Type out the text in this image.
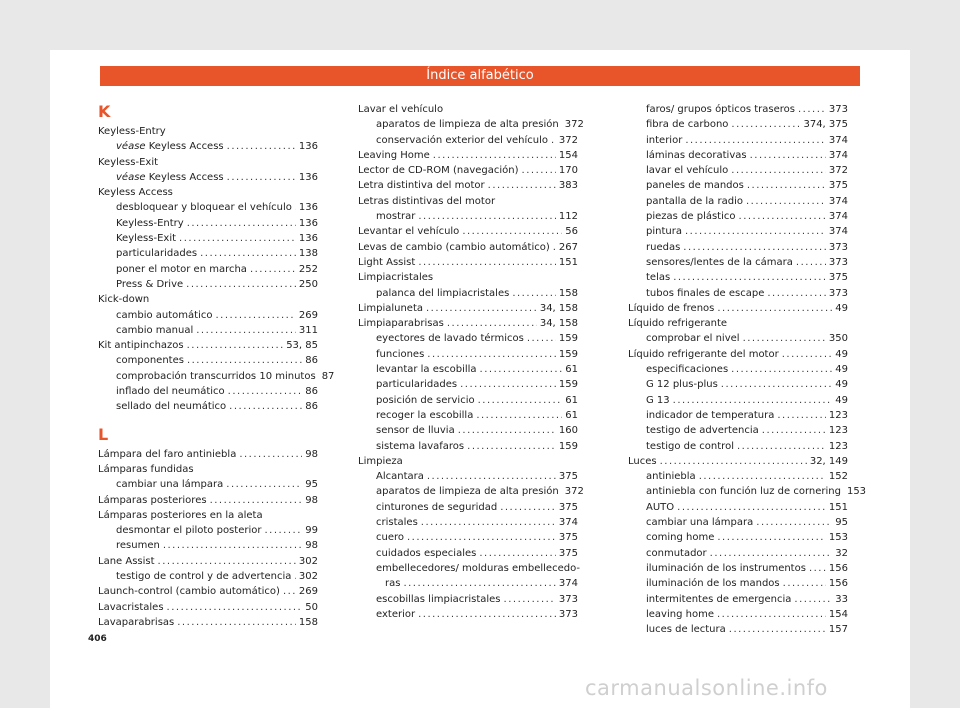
Índice alfabético
K
Keyless-Entry
véase Keyless Access .....	136
Keyless-Exit
véase Keyless Access .....	136
Keyless Access
desbloquear y bloquear el vehículo ..... 136
Keyless-Entry .....	136
Keyless-Exit .....	136
particularidades .....	138
poner el motor en marcha .....	252
Press & Drive .....	250
Kick-down
cambio automático .....	269
cambio manual .....	311
Kit antipinchazos .....	53, 85
componentes .....	86
comprobación transcurridos 10 minutos 87
inflado del neumático .....	86
sellado del neumático .....	86
L
Lámpara del faro antiniebla .....	98
Lámparas fundidas
cambiar una lámpara .....	95
Lámparas posteriores .....	98
Lámparas posteriores en la aleta
desmontar el piloto posterior .....	99
resumen .....	98
Lane Assist .....	302
testigo de control y de advertencia ..... 302
Launch-control (cambio automático) ..... 269
Lavacristales .....	50
Lavaparabrisas .....	158
Lavar el vehículo
aparatos de limpieza de alta presión 372
conservación exterior del vehículo ..... 372
Leaving Home .....	154
Lector de CD-ROM (navegación) .....	170
Letra distintiva del motor .....	383
Letras distintivas del motor
mostrar .....	112
Levantar el vehículo .....	56
Levas de cambio (cambio automático) ..... 267
Light Assist .....	151
Limpiacristales
palanca del limpiacristales .....	158
Limpialuneta .....	34, 158
Limpiaparabrisas .....	34, 158
eyectores de lavado térmicos .....	159
funciones .....	159
levantar la escobilla .....	61
particularidades .....	159
posición de servicio .....	61
recoger la escobilla .....	61
sensor de lluvia .....	160
sistema lavafaros .....	159
Limpieza
Alcantara .....	375
aparatos de limpieza de alta presión 372
cinturones de seguridad .....	375
cristales .....	374
cuero .....	375
cuidados especiales .....	375
embellecedores/ molduras embellecedo-
ras .....	374
escobillas limpiacristales .....	373
exterior .....	373
faros/ grupos ópticos traseros .....	373
fibra de carbono .....	374, 375
interior .....	374
láminas decorativas .....	374
lavar el vehículo .....	372
paneles de mandos .....	375
pantalla de la radio .....	374
piezas de plástico .....	374
pintura .....	374
ruedas .....	373
sensores/lentes de la cámara .....	373
telas .....	375
tubos finales de escape .....	373
Líquido de frenos .....	49
Líquido refrigerante
comprobar el nivel .....	350
Líquido refrigerante del motor .....	49
especificaciones .....	49
G 12 plus-plus .....	49
G 13 .....	49
indicador de temperatura .....	123
testigo de advertencia .....	123
testigo de control .....	123
Luces .....	32, 149
antiniebla .....	152
antiniebla con función luz de cornering 153
AUTO .....	151
cambiar una lámpara .....	95
coming home .....	153
conmutador .....	32
iluminación de los instrumentos ..... 156
iluminación de los mandos .....	156
intermitentes de emergencia .....	33
leaving home .....	154
luces de lectura .....	157
406
carmanualsonline.info
